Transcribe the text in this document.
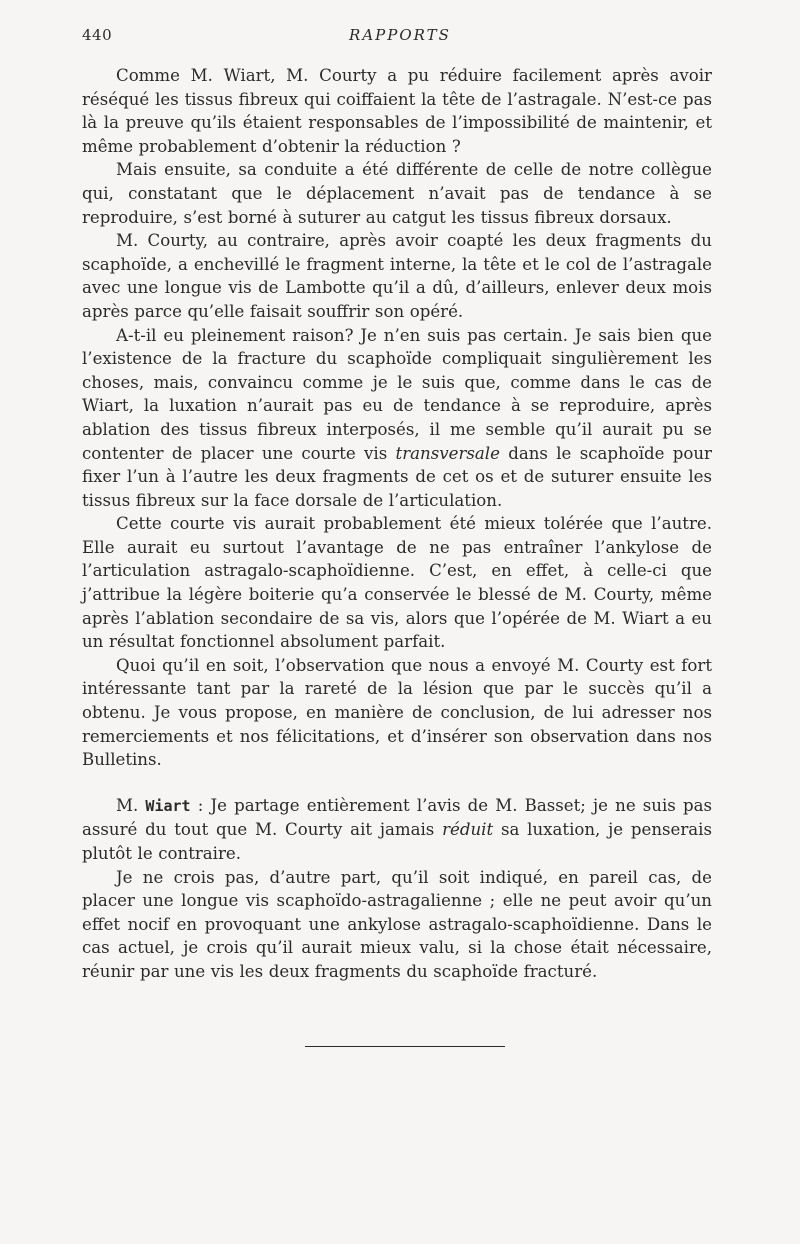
440	RAPPORTS

Comme M. Wiart, M. Courty a pu réduire facilement après avoir réséqué les tissus fibreux qui coiffaient la tête de l’astragale. N’est-ce pas là la preuve qu’ils étaient responsables de l’impossibilité de maintenir, et même probablement d’obtenir la réduction ?

Mais ensuite, sa conduite a été différente de celle de notre collègue qui, constatant que le déplacement n’avait pas de tendance à se reproduire, s’est borné à suturer au catgut les tissus fibreux dorsaux.

M. Courty, au contraire, après avoir coapté les deux fragments du scaphoïde, a enchevillé le fragment interne, la tête et le col de l’astragale avec une longue vis de Lambotte qu’il a dû, d’ailleurs, enlever deux mois après parce qu’elle faisait souffrir son opéré.

A-t-il eu pleinement raison? Je n’en suis pas certain. Je sais bien que l’existence de la fracture du scaphoïde compliquait singulièrement les choses, mais, convaincu comme je le suis que, comme dans le cas de Wiart, la luxation n’aurait pas eu de tendance à se reproduire, après ablation des tissus fibreux interposés, il me semble qu’il aurait pu se contenter de placer une courte vis transversale dans le scaphoïde pour fixer l’un à l’autre les deux fragments de cet os et de suturer ensuite les tissus fibreux sur la face dorsale de l’articulation.

Cette courte vis aurait probablement été mieux tolérée que l’autre. Elle aurait eu surtout l’avantage de ne pas entraîner l’ankylose de l’articulation astragalo-scaphoïdienne. C’est, en effet, à celle-ci que j’attribue la légère boiterie qu’a conservée le blessé de M. Courty, même après l’ablation secondaire de sa vis, alors que l’opérée de M. Wiart a eu un résultat fonctionnel absolument parfait.

Quoi qu’il en soit, l’observation que nous a envoyé M. Courty est fort intéressante tant par la rareté de la lésion que par le succès qu’il a obtenu. Je vous propose, en manière de conclusion, de lui adresser nos remerciements et nos félicitations, et d’insérer son observation dans nos Bulletins.

M. Wiart : Je partage entièrement l’avis de M. Basset; je ne suis pas assuré du tout que M. Courty ait jamais réduit sa luxation, je penserais plutôt le contraire.

Je ne crois pas, d’autre part, qu’il soit indiqué, en pareil cas, de placer une longue vis scaphoïdo-astragalienne ; elle ne peut avoir qu’un effet nocif en provoquant une ankylose astragalo-scaphoïdienne. Dans le cas actuel, je crois qu’il aurait mieux valu, si la chose était nécessaire, réunir par une vis les deux fragments du scaphoïde fracturé.
